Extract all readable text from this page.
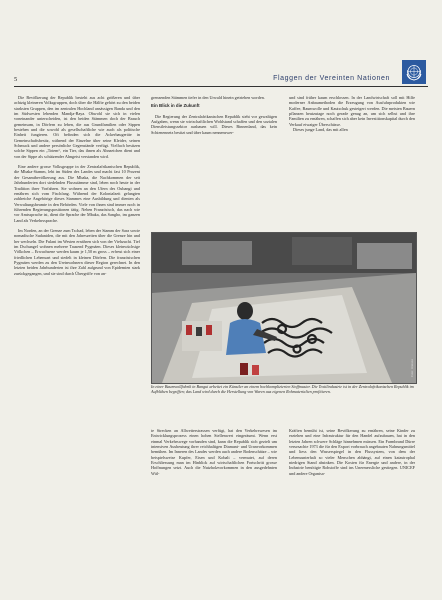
5	Flaggen der Vereinten Nationen

Die Bevölkerung der Republik besteht aus acht größeren und über achtzig kleineren Volksgruppen, doch über die Hälfte gehört zu den beiden starksten Gruppen, den im zentralen Hochland ansässigen Banda und den im Südwesten lebenden Mandja-Baya. Obwohl sie sich in vielen voneinander unterscheiden, ist den beiden Stämmen doch der Brauch gemeinsam, in Dörfern zu leben, die aus Grundfamilien oder Sippen bestehen und die sowohl als gesellschaftliche wie auch als politische Einheit fungieren. Oft befinden sich die Ackerbaugeräte in Gemeinschaftsbesitz, während der Einzelne über seine Kleider, seinen Schmuck und andere persönliche Gegenstände verfügt. Vielfach besitzen solche Sippen ein „Totem“, ein Tier, das ihnen als Ahnzeichen dient und von der Sippe als schützender Ahngeist verstanden wird.

Eine andere grosse Volksgruppe in der Zentralafrikanischen Republik, die Mbaka-Stamm, lebt im Süden des Landes und macht fast 10 Prozent der Gesamtbevölkerung aus. Die Mbaka, die Nachkommen der seit Jahrhunderten dort siedelnden Flussstämme sind, leben noch heute in der Tradition ihrer Vorfahren. Sie wohnen an den Ufern des Oubangi und ernähren sich vom Fischfang. Während der Kolonialzeit gelangten zahlreiche Angehörige dieses Stammes eine Ausbildung und dienten als Verwaltungsbeamte in den Behörden. Viele von ihnen sind immer noch in führenden Regierungspositionen tätig. Neben Französisch, das nach wie vor Amtssprache ist, dient die Sprache der Mbaka, das Sangho, im ganzen Land als Verkehrssprache.

Im Norden, an der Grenze zum Tschad, leben der Stamm der Sara sowie nomadische Sudaniden, die mit den Jahreszeiten über die Grenze hin und her wechseln. Die Fulani im Westen ernähren sich von der Viehzucht. Tief im Dschungel wohnen mehrere Tausend Pygmäen. Dieses kleinwüchsige Völkchen – Erwachsene werden kaum je 1,50 m gross – erfreut sich einer friedlichen Lebensart und siedelt in kleinen Dörfern. Die französischen Pygmäen werden zu den Ureinwohnern dieser Region gerechnet. In den letzten beiden Jahrhunderten ist ihre Zahl aufgrund von Epidemien stark zurückgegangen, und sie sind durch Übergriffe von an-

grenzenden Stämmen tiefer in den Urwald hinein getrieben worden.

Ein Blick in die Zukunft

Die Regierung der Zentralafrikanischen Republik steht vor gewaltigen Aufgaben, wenn sie wirtschaftlichen Wohlstand schaffen und den sozialen Dienstleistungssektor ausbauen will. Dieses Binnenland, das kein Schienennetz besitzt und über kaum nennenswer-

und sind früher kaum erschlossen. In der Landwirtschaft soll mit Hilfe moderner Anbaumethoden die Erzeugung von Ausfuhrprodukten wie Kaffee, Baumwolle und Kautschuk gesteigert werden. Die meisten Bauern pflanzen heutzutage noch gerade genug an, um sich selbst und ihre Familien zu ernähren, schaffen sich aber kein Investitionskapital durch den Verkauf etwaiger Überschüsse.

Dieses junge Land, das mit allen

Foto: Unesco
In einer Baumwollfabrik in Bangui arbeitet ein Künstler an einem hochkomplizierten Stoffmuster. Die Textilindustrie ist in der Zentralafrikanischen Republik im Aufblühen begriffen; das Land wird durch die Herstellung von Waren aus eigenen Rohmaterialien profitieren.

te Strecken an Allwetterstrassen verfügt, hat den Verkehrswesen im Entwicklungsprozess einen hohen Stellenwert eingeräumt. Wenn erst einmal Verkehrswege vorhanden sind, kann die Republik sich gezielt um intensiven Ausbeutung ihrer reichhaltigen Diamant- und Uranvorkommen bemühen. Im Inneren des Landes werden auch andere Bodenschätze – wie beispielsweise Kupfer, Eisen und Kobalt – vermutet, auf deren Erschliessung man im Hinblick auf wirtschaftlichen Fortschritt grosse Hoffnungen setzt. Auch die Nutzholzvorkommen in den ausgedehnten Wäl-

Kräften bemüht ist, seine Bevölkerung zu ernähren, seine Kinder zu erziehen und eine Infrastruktur für den Handel aufzubauen, hat in den letzten Jahren schwere Schläge hinnehmen müssen. Ein Farmbrand Dürre verursachte 1973 die für den Export vorbrauch angebauten Nahrungsmittel und liess den Wasserspiegel in den Flussystem, von dem der Lebensunterhalt so vieler Menschen abhängt, auf einen katastrophal niedrigen Stand absinken. Die Kosten für Energie und andere, in der Industrie benötigte Rohstoffe sind ins Unermessliche gestiegen. UNICEF und andere Organisa-
